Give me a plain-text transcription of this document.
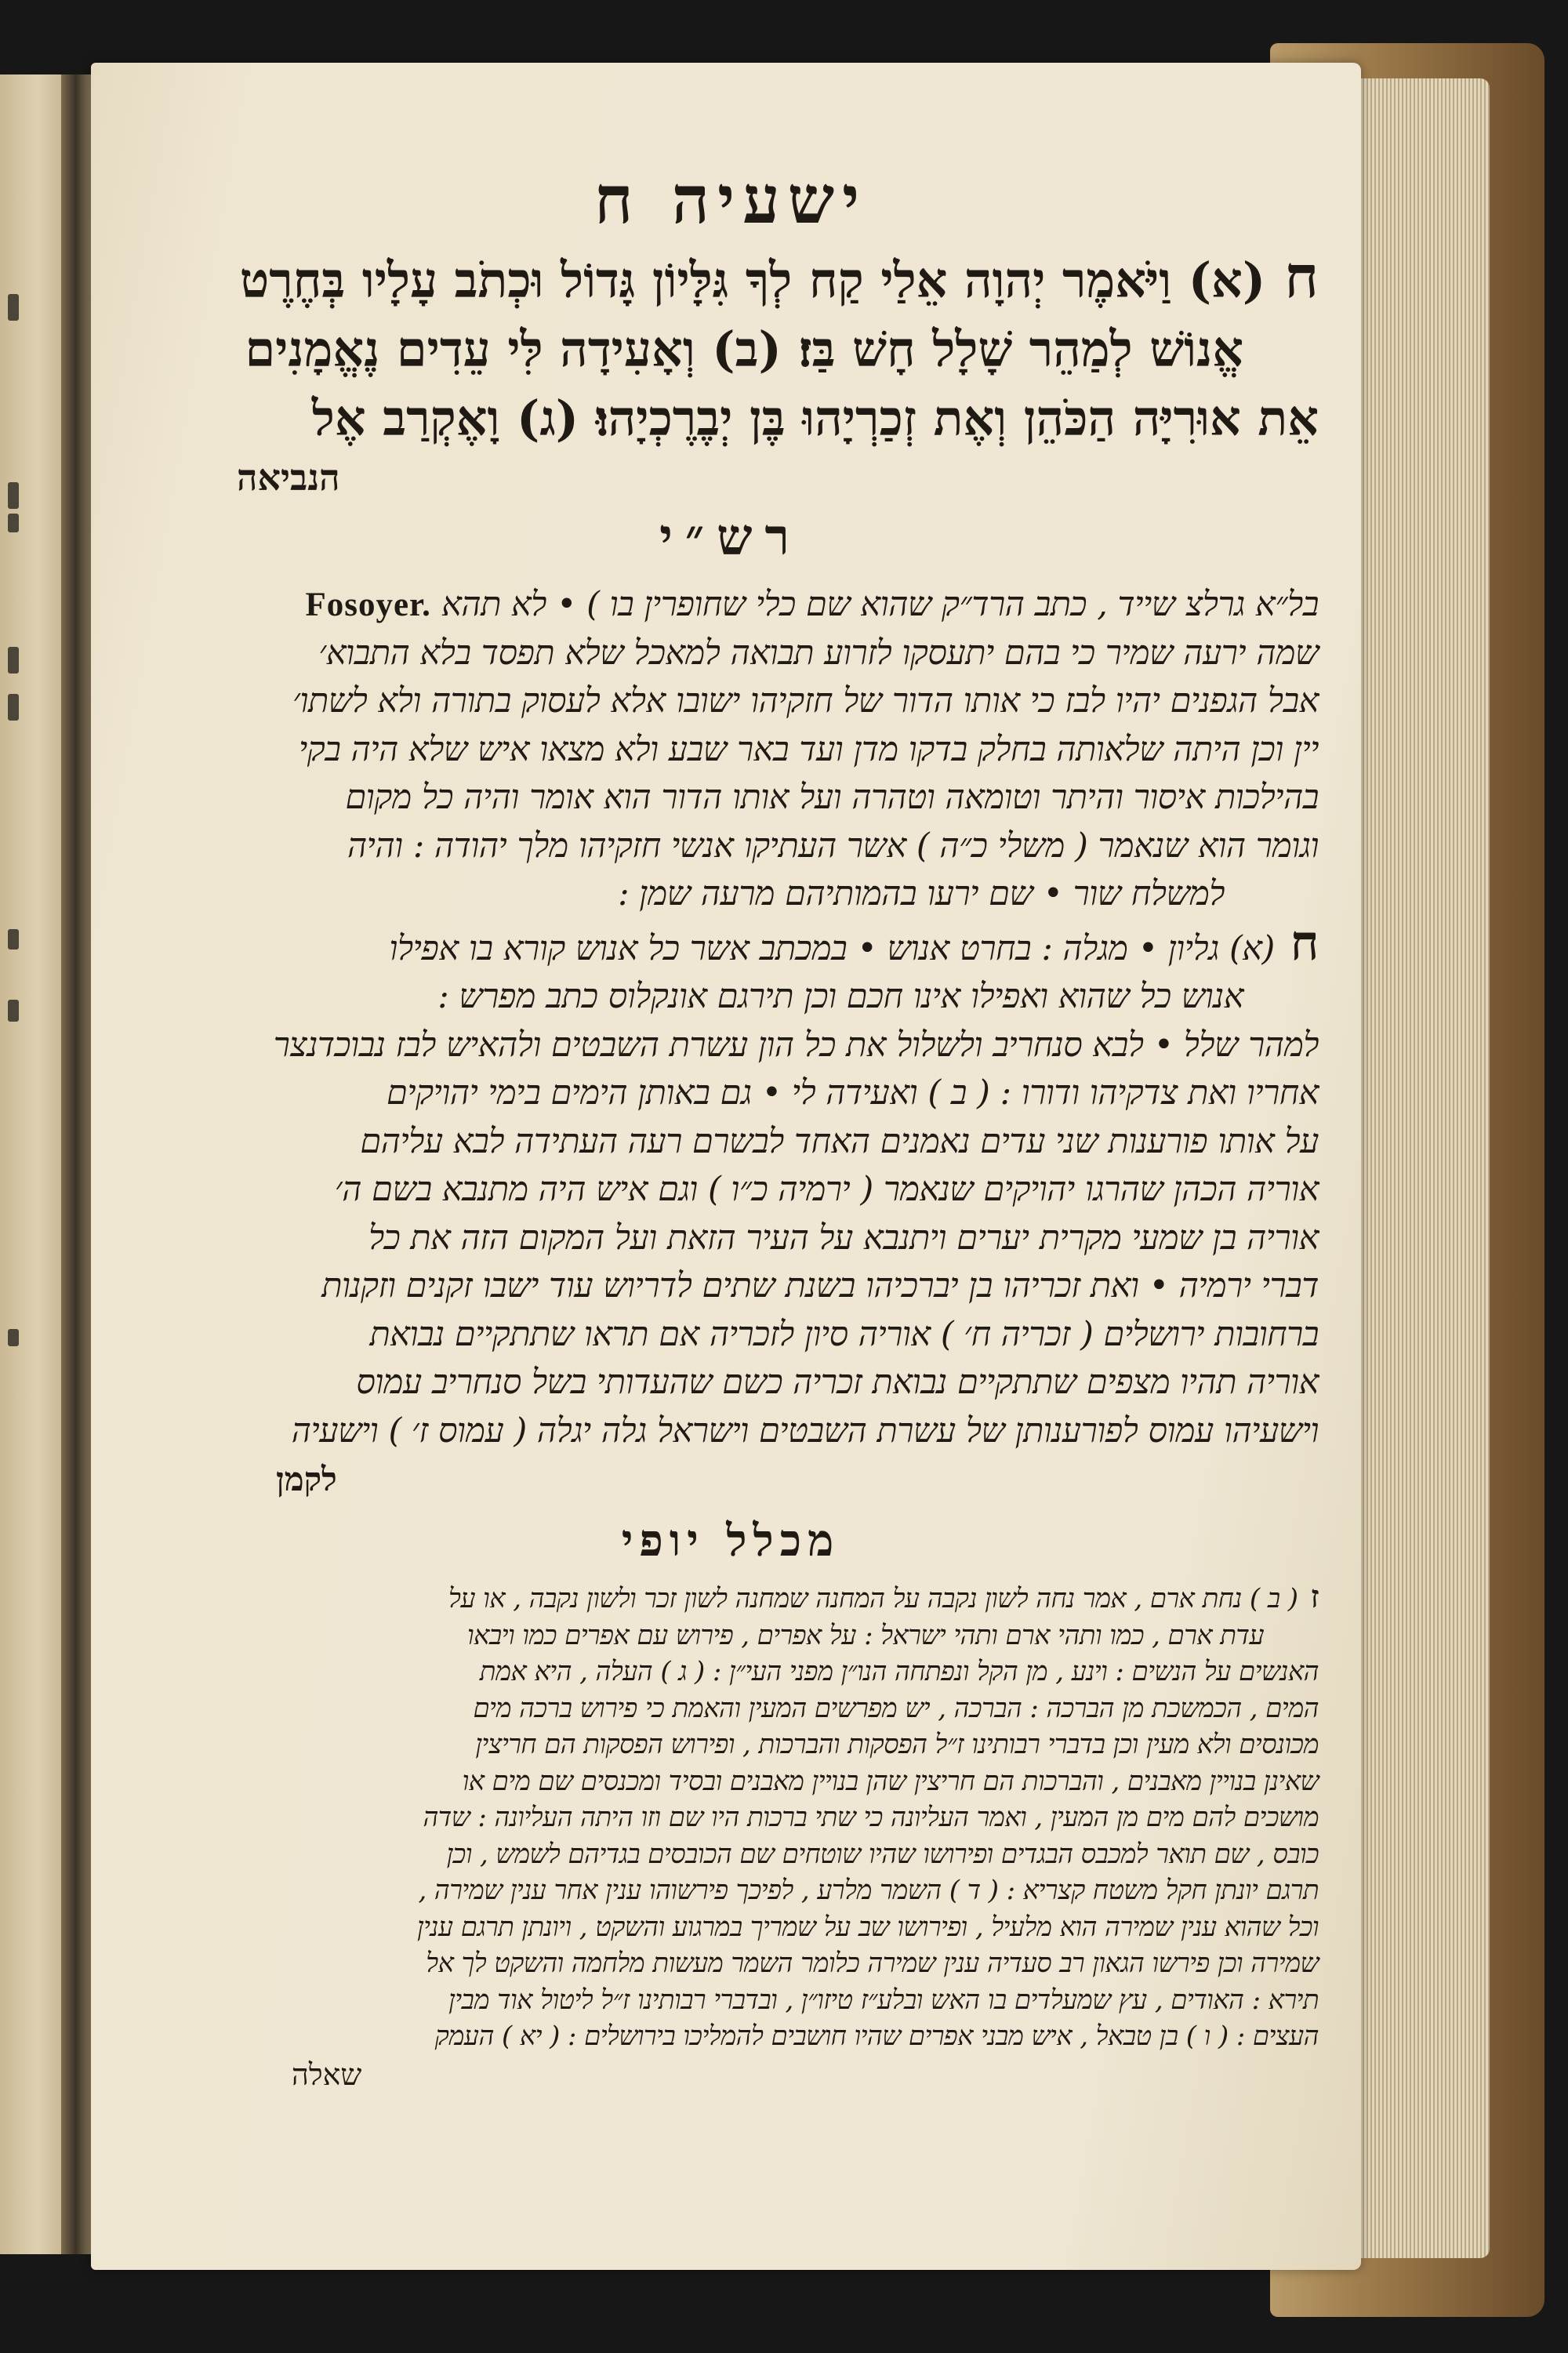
ישעיה ח
ח(א) וַיֹּאמֶר יְהוָה אֵלַי קַח לְךָ גִּלָּיוֹן גָּדוֹל וּכְתֹב עָלָיו בְּחֶרֶט
אֱנוֹשׁ לְמַהֵר שָׁלָל חָשׁ בַּז׃ (ב) וְאָעִידָה לִּי עֵדִים נֶאֱמָנִים
אֵת אוּרִיָּה הַכֹּהֵן וְאֶת זְכַרְיָהוּ בֶּן יְבֶרֶכְיָהוּ׃ (ג) וָאֶקְרַב אֶל
הנביאה
רש״י
בל״א גרלצ שייד , כתב הרד״ק שהוא שם כלי שחופרין בו ) • לא תהא Fosoyer.
שמה ירעה שמיר כי בהם יתעסקו לזרוע תבואה למאכל שלא תפסד בלא התבוא׳
אבל הגפנים יהיו לבז כי אותו הדור של חזקיהו ישובו אלא לעסוק בתורה ולא לשתו׳
יין וכן היתה שלאותה בחלק בדקו מדן ועד באר שבע ולא מצאו איש שלא היה בקי
בהילכות איסור והיתר וטומאה וטהרה ועל אותו הדור הוא אומר והיה כל מקום
וגומר הוא שנאמר ( משלי כ״ה ) אשר העתיקו אנשי חזקיהו מלך יהודה : והיה
למשלח שור • שם ירעו בהמותיהם מרעה שמן :
ח(א) גליון • מגלה : בחרט אנוש • במכתב אשר כל אנוש קורא בו אפילו
אנוש כל שהוא ואפילו אינו חכם וכן תירגם אונקלוס כתב מפרש :
למהר שלל • לבא סנחריב ולשלול את כל הון עשרת השבטים ולהאיש לבז נבוכדנצר
אחריו ואת צדקיהו ודורו : ( ב ) ואעידה לי • גם באותן הימים בימי יהויקים
על אותו פורענות שני עדים נאמנים האחד לבשרם רעה העתידה לבא עליהם
אוריה הכהן שהרגו יהויקים שנאמר ( ירמיה כ״ו ) וגם איש היה מתנבא בשם ה׳
אוריה בן שמעי מקרית יערים ויתנבא על העיר הזאת ועל המקום הזה את כל
דברי ירמיה • ואת זכריהו בן יברכיהו בשנת שתים לדריוש עוד ישבו זקנים וזקנות
ברחובות ירושלים ( זכריה ח׳ ) אוריה סיון לזכריה אם תראו שתתקיים נבואת
אוריה תהיו מצפים שתתקיים נבואת זכריה כשם שהעדותי בשל סנחריב עמוס
וישעיהו עמוס לפורענותן של עשרת השבטים וישראל גלה יגלה ( עמוס ז׳ ) וישעיה
לקמן
מכלל יופי
ז( ב ) נחת ארם , אמר נחה לשון נקבה על המחנה שמחנה לשון זכר ולשון נקבה , או על
עדת ארם , כמו ותהי ארם ותהי ישראל : על אפרים , פירוש עם אפרים כמו ויבאו
האנשים על הנשים : וינע , מן הקל ונפתחה הנו״ן מפני העי״ן : ( ג ) העלה , היא אמת
המים , הכמשכת מן הברכה : הברכה , יש מפרשים המעין והאמת כי פירוש ברכה מים
מכונסים ולא מעין וכן בדברי רבותינו ז״ל הפסקות והברכות , ופירוש הפסקות הם חריצין
שאינן בנויין מאבנים , והברכות הם חריצין שהן בנויין מאבנים ובסיד ומכנסים שם מים או
מושכים להם מים מן המעין , ואמר העליונה כי שתי ברכות היו שם וזו היתה העליונה : שדה
כובס , שם תואר למכבס הבגדים ופירושו שהיו שוטחים שם הכובסים בגדיהם לשמש , וכן
תרגם יונתן חקל משטח קצריא : ( ד ) השמר מלרע , לפיכך פירשוהו ענין אחר ענין שמירה ,
וכל שהוא ענין שמירה הוא מלעיל , ופירושו שב על שמריך במרגוע והשקט , ויונתן תרגם ענין
שמירה וכן פירשו הגאון רב סעדיה ענין שמירה כלומר השמר מעשות מלחמה והשקט לך אל
תירא : האודים , עץ שמעלדים בו האש ובלע״ז טיזו״ן , ובדברי רבותינו ז״ל ליטול אוד מבין
העצים : ( ו ) בן טבאל , איש מבני אפרים שהיו חושבים להמליכו בירושלים : ( יא ) העמק
שאלה
